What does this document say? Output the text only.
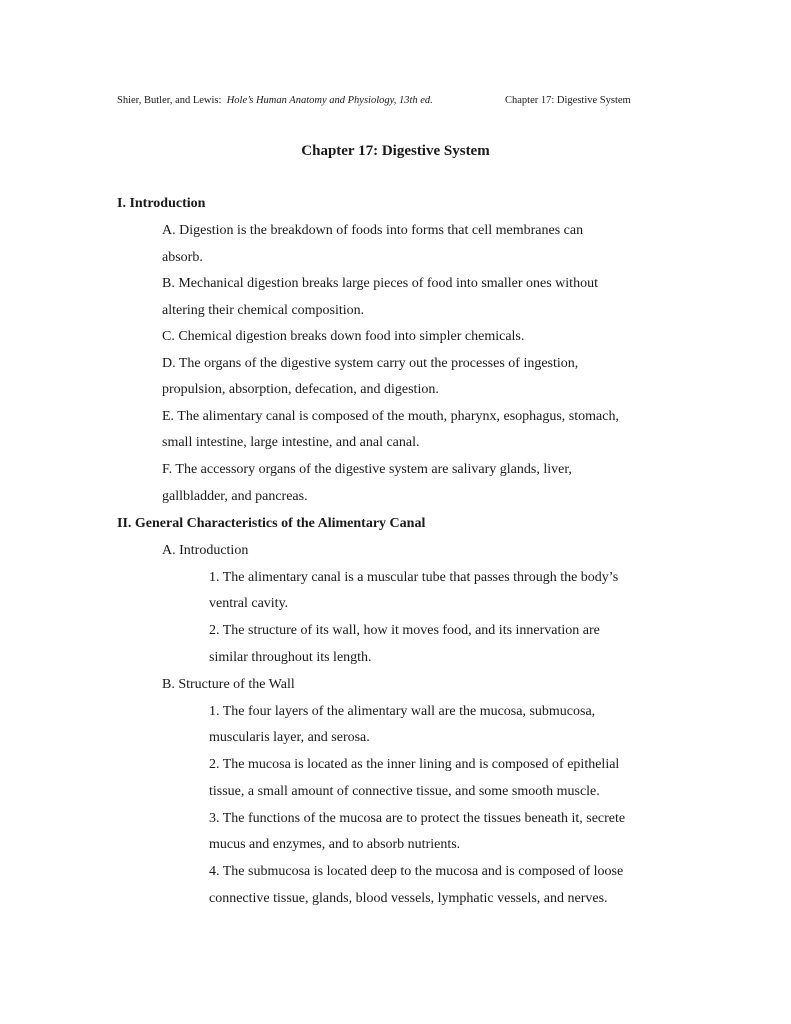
Shier, Butler, and Lewis: Hole’s Human Anatomy and Physiology, 13th ed.	Chapter 17: Digestive System
Chapter 17: Digestive System
I. Introduction
A. Digestion is the breakdown of foods into forms that cell membranes can
absorb.
B. Mechanical digestion breaks large pieces of food into smaller ones without
altering their chemical composition.
C. Chemical digestion breaks down food into simpler chemicals.
D. The organs of the digestive system carry out the processes of ingestion,
propulsion, absorption, defecation, and digestion.
E. The alimentary canal is composed of the mouth, pharynx, esophagus, stomach,
small intestine, large intestine, and anal canal.
F. The accessory organs of the digestive system are salivary glands, liver,
gallbladder, and pancreas.
II. General Characteristics of the Alimentary Canal
A. Introduction
1. The alimentary canal is a muscular tube that passes through the body’s
ventral cavity.
2. The structure of its wall, how it moves food, and its innervation are
similar throughout its length.
B. Structure of the Wall
1. The four layers of the alimentary wall are the mucosa, submucosa,
muscularis layer, and serosa.
2. The mucosa is located as the inner lining and is composed of epithelial
tissue, a small amount of connective tissue, and some smooth muscle.
3. The functions of the mucosa are to protect the tissues beneath it, secrete
mucus and enzymes, and to absorb nutrients.
4. The submucosa is located deep to the mucosa and is composed of loose
connective tissue, glands, blood vessels, lymphatic vessels, and nerves.
